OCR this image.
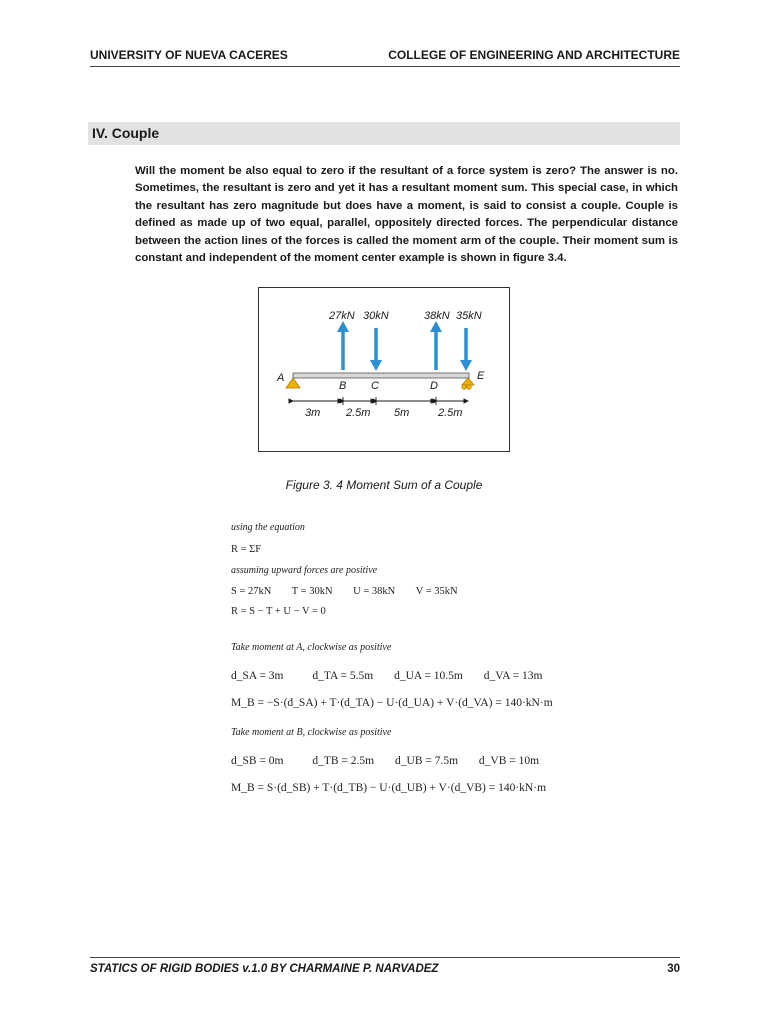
UNIVERSITY OF NUEVA CACERES	COLLEGE OF ENGINEERING AND ARCHITECTURE
IV. Couple
Will the moment be also equal to zero if the resultant of a force system is zero? The answer is no. Sometimes, the resultant is zero and yet it has a resultant moment sum. This special case, in which the resultant has zero magnitude but does have a moment, is said to consist a couple. Couple is defined as made up of two equal, parallel, oppositely directed forces. The perpendicular distance between the action lines of the forces is called the moment arm of the couple. Their moment sum is constant and independent of the moment center example is shown in figure 3.4.
27kN 30kN	38kN 35kN
A
B C	D
E
3m 2.5m 5m	2.5m
Figure 3. 4 Moment Sum of a Couple
using the equation
R = ΣF
assuming upward forces are positive
S = 27kN T = 30kN U = 38kN V = 35kN
R = S − T + U − V = 0
Take moment at A, clockwise as positive
d_SA = 3m	d_TA = 5.5m d_UA = 10.5m d_VA = 13m
M_B = −S·(d_SA) + T·(d_TA) − U·(d_UA) + V·(d_VA) = 140·kN·m
Take moment at B, clockwise as positive
d_SB = 0m	d_TB = 2.5m d_UB = 7.5m d_VB = 10m
M_B = S·(d_SB) + T·(d_TB) − U·(d_UB) + V·(d_VB) = 140·kN·m
STATICS OF RIGID BODIES v.1.0 BY CHARMAINE P. NARVADEZ	30
